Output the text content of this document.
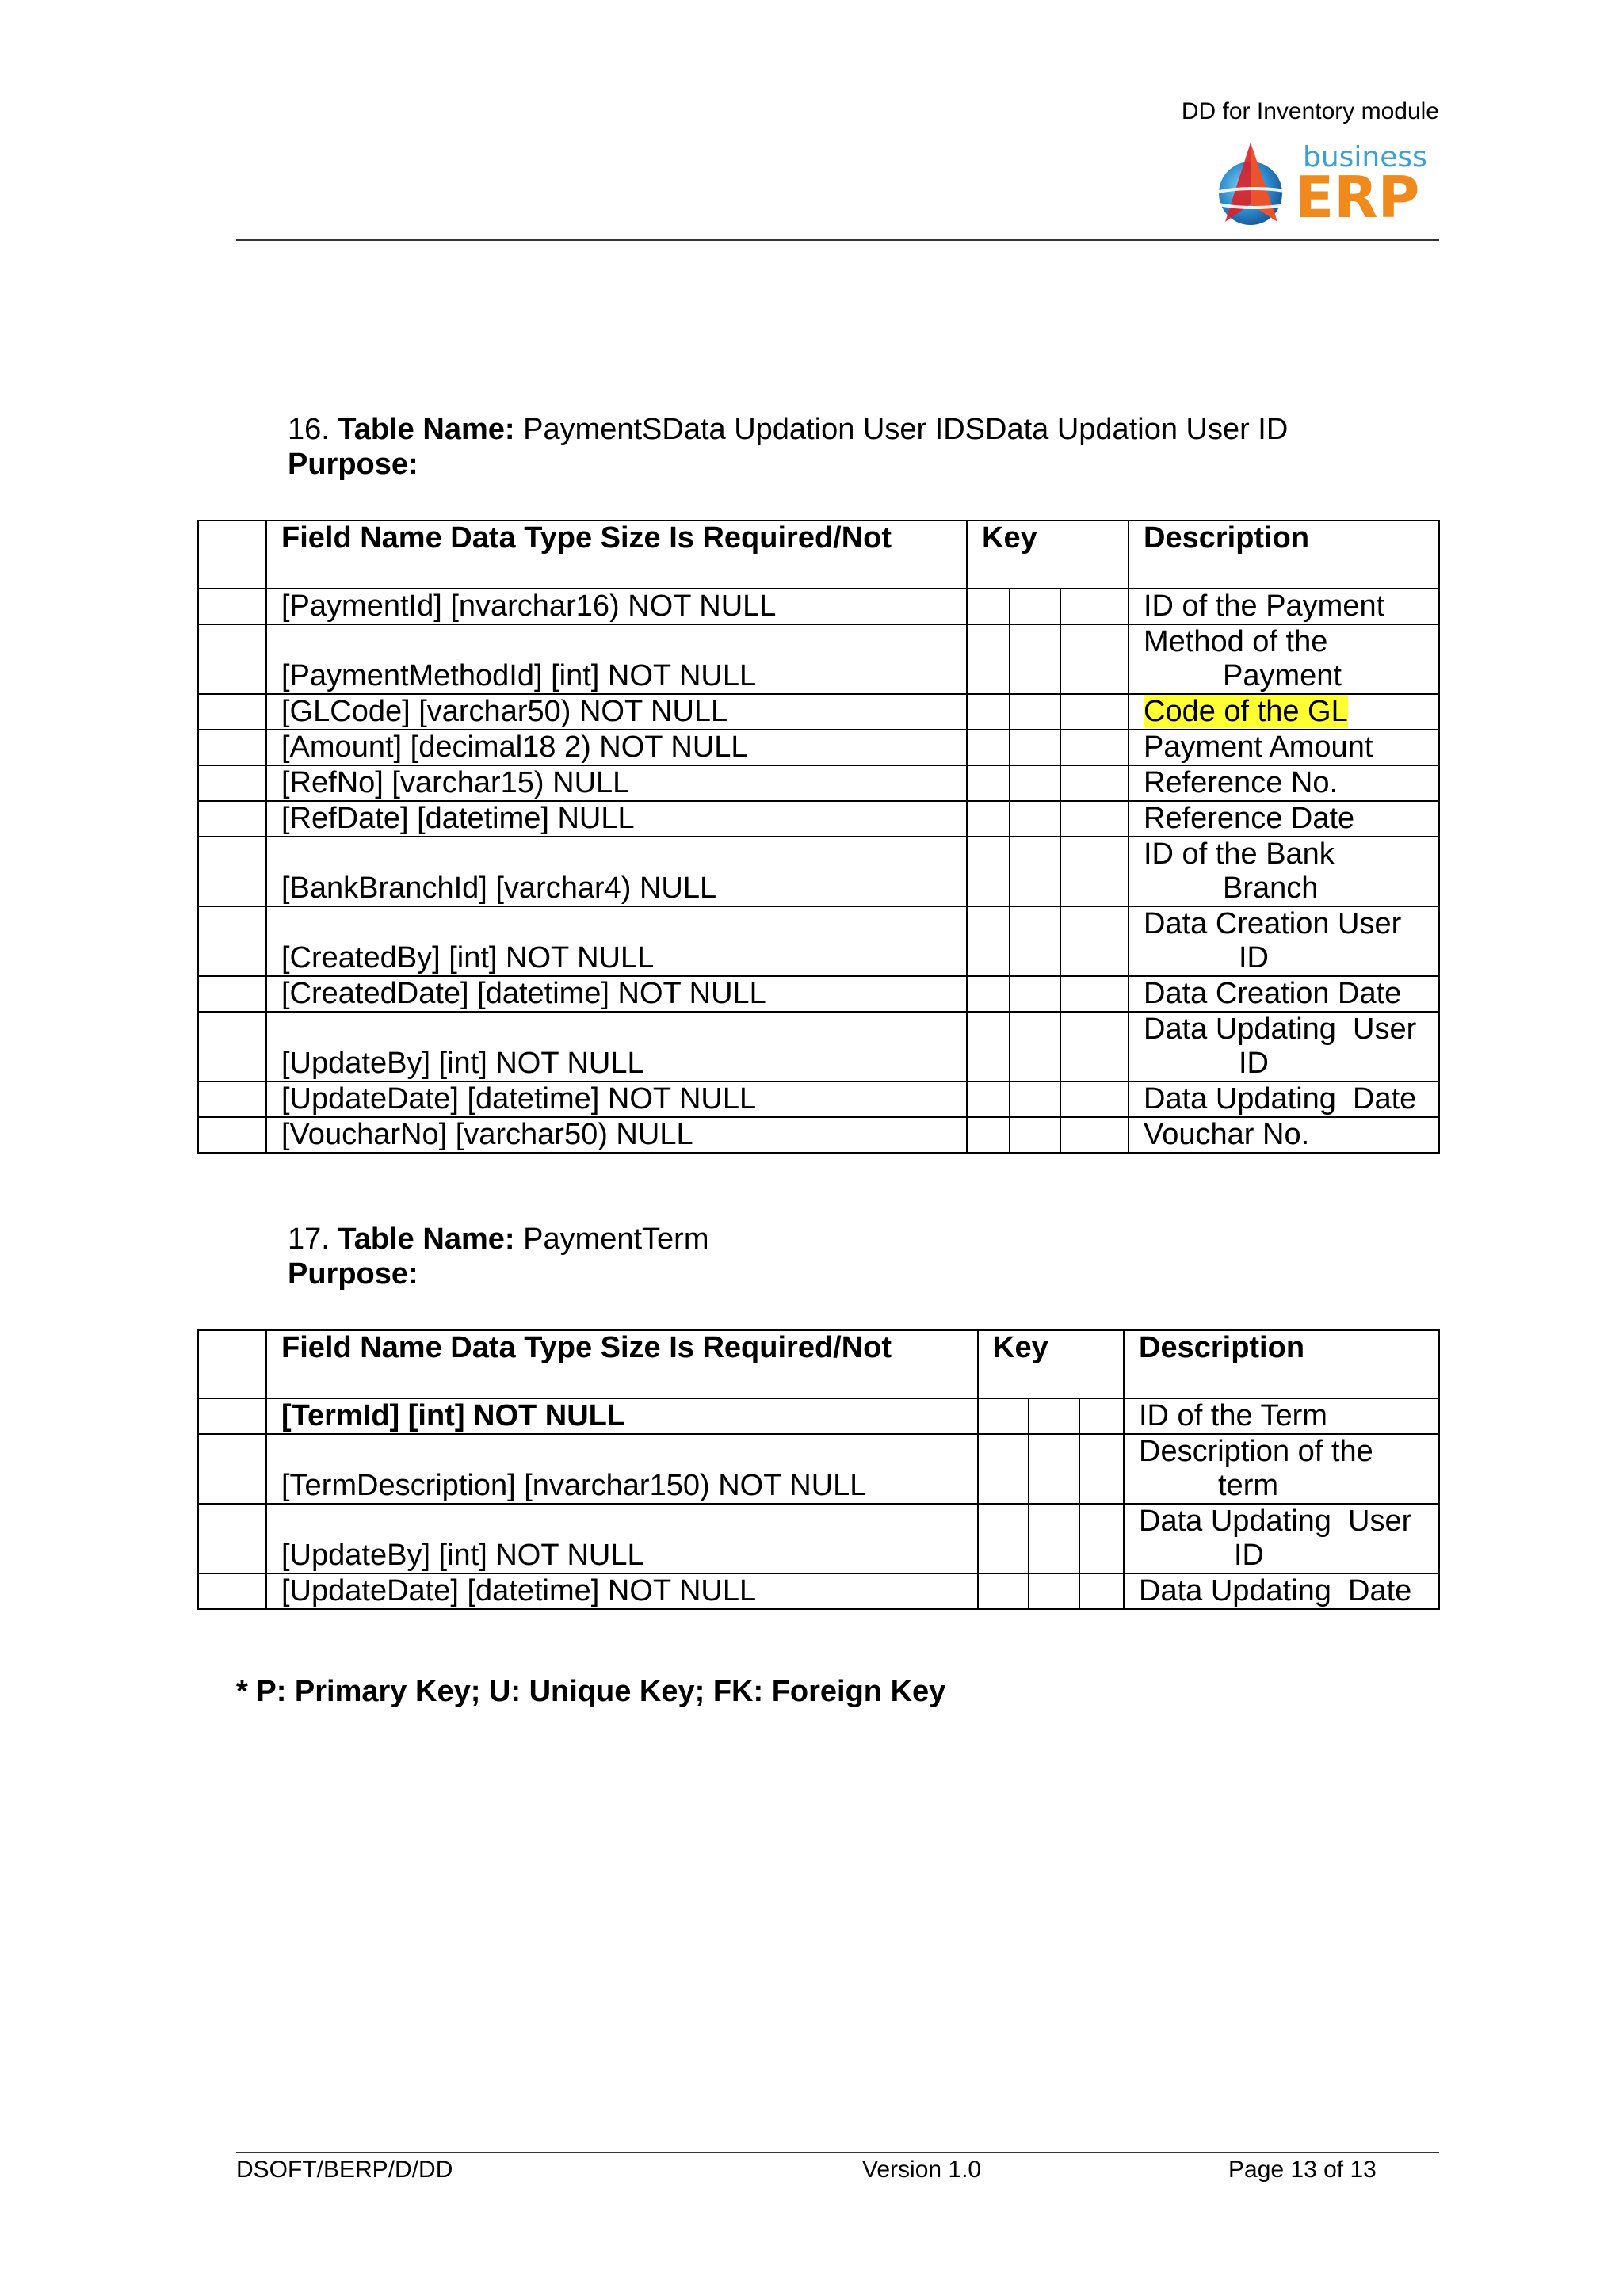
DD for Inventory module
business
ERP
16. Table Name: PaymentSData Updation User IDSData Updation User ID
Purpose:
	Field Name Data Type Size Is Required/Not	Key			Description
	[PaymentId] [nvarchar16) NOT NULL				ID of the Payment
	[PaymentMethodId] [int] NOT NULL				Method of the
Payment

	[GLCode] [varchar50) NOT NULL				Code of the GL
	[Amount] [decimal18 2) NOT NULL				Payment Amount
	[RefNo] [varchar15) NULL				Reference No.
	[RefDate] [datetime] NULL				Reference Date
	[BankBranchId] [varchar4) NULL				ID of the Bank
Branch

	[CreatedBy] [int] NOT NULL				Data Creation User
ID

	[CreatedDate] [datetime] NOT NULL				Data Creation Date
	[UpdateBy] [int] NOT NULL				Data Updating  User
ID

	[UpdateDate] [datetime] NOT NULL				Data Updating  Date
	[VoucharNo] [varchar50) NULL				Vouchar No.
17. Table Name: PaymentTerm
Purpose:
	Field Name Data Type Size Is Required/Not	Key			Description
	[TermId] [int] NOT NULL				ID of the Term
	[TermDescription] [nvarchar150) NOT NULL				Description of the
term

	[UpdateBy] [int] NOT NULL				Data Updating  User
ID

	[UpdateDate] [datetime] NOT NULL				Data Updating  Date
* P: Primary Key; U: Unique Key; FK: Foreign Key
DSOFT/BERP/D/DD	Version 1.0	Page 13 of 13
